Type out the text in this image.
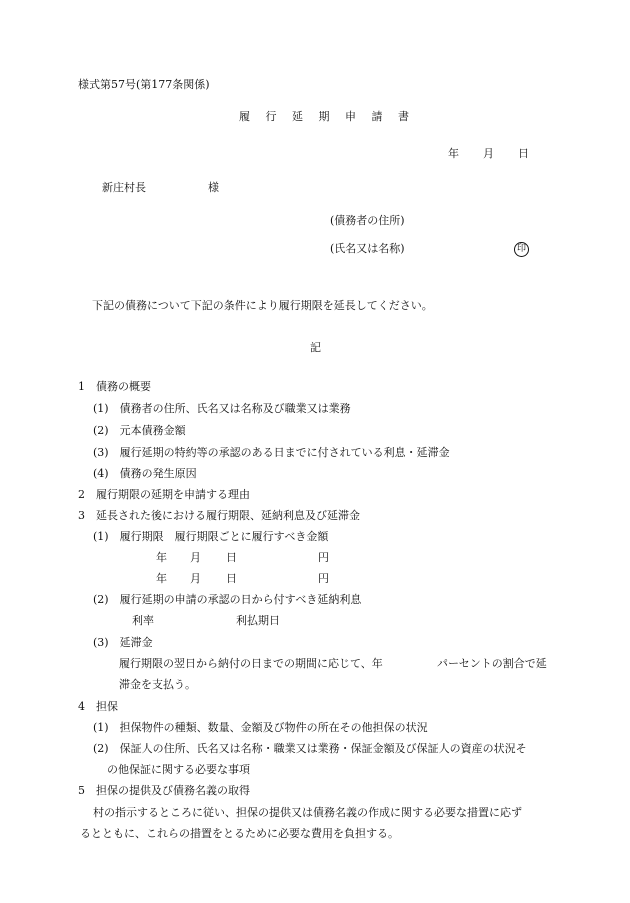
様式第57号(第177条関係)
履 行 延 期 申 請 書
年 月 日
新庄村長	様
(債務者の住所)
(氏名又は名称)	印
下記の債務について下記の条件により履行期限を延長してください。
記
1　債務の概要
(1)　債務者の住所、氏名又は名称及び職業又は業務
(2)　元本債務金額
(3)　履行延期の特約等の承認のある日までに付されている利息・延滞金
(4)　債務の発生原因
2　履行期限の延期を申請する理由
3　延長された後における履行期限、延納利息及び延滞金
(1)　履行期限　履行期限ごとに履行すべき金額
年 月 日	円
年 月 日	円
(2)　履行延期の申請の承認の日から付すべき延納利息
利率	利払期日
(3)　延滞金
履行期限の翌日から納付の日までの期間に応じて、年	パーセントの割合で延
滞金を支払う。
4　担保
(1)　担保物件の種類、数量、金額及び物件の所在その他担保の状況
(2)　保証人の住所、氏名又は名称・職業又は業務・保証金額及び保証人の資産の状況そ
の他保証に関する必要な事項
5　担保の提供及び債務名義の取得
村の指示するところに従い、担保の提供又は債務名義の作成に関する必要な措置に応ず
るとともに、これらの措置をとるために必要な費用を負担する。
